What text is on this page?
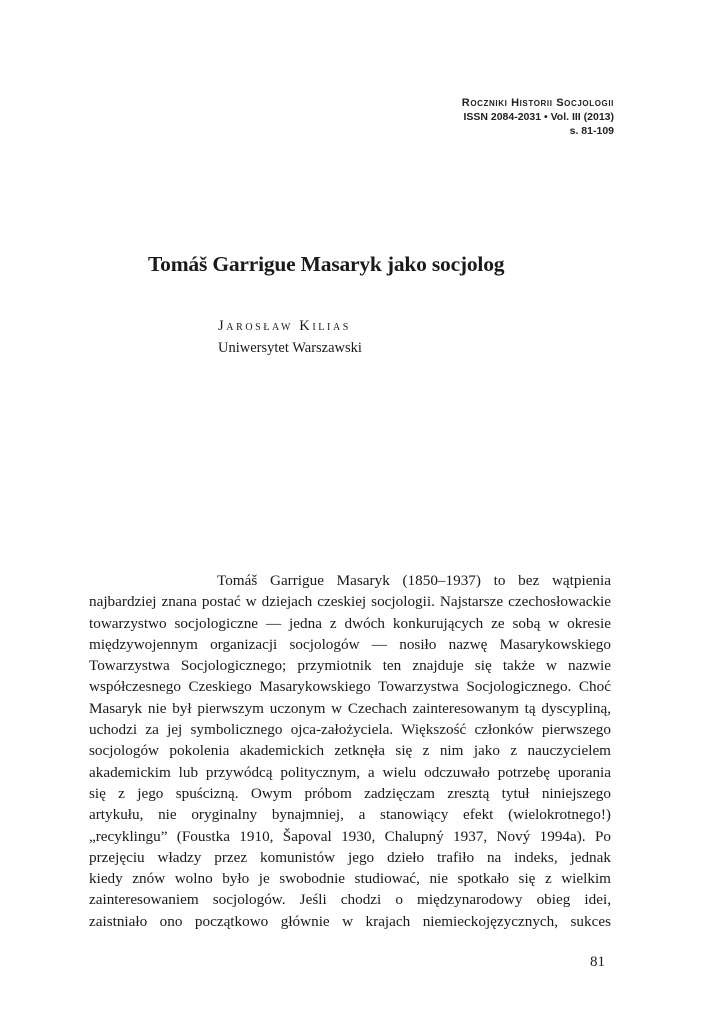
Roczniki Historii Socjologii
ISSN 2084-2031 • Vol. III (2013)
s. 81-109
Tomáš Garrigue Masaryk jako socjolog
Jarosław Kilias
Uniwersytet Warszawski
Tomáš Garrigue Masaryk (1850–1937) to bez wątpienia
najbardziej znana postać w dziejach czeskiej socjologii. Najstarsze czechosłowackie
towarzystwo socjologiczne — jedna z dwóch konkurujących ze sobą w okresie
międzywojennym organizacji socjologów — nosiło nazwę Masarykowskiego
Towarzystwa Socjologicznego; przymiotnik ten znajduje się także w nazwie
współczesnego Czeskiego Masarykowskiego Towarzystwa Socjologicznego. Choć
Masaryk nie był pierwszym uczonym w Czechach zainteresowanym tą dyscypliną,
uchodzi za jej symbolicznego ojca-założyciela. Większość członków pierwszego
socjologów pokolenia akademickich zetknęła się z nim jako z nauczycielem
akademickim lub przywódcą politycznym, a wielu odczuwało potrzebę uporania
się z jego spuścizną. Owym próbom zadzięczam zresztą tytuł niniejszego
artykułu, nie oryginalny bynajmniej, a stanowiący efekt (wielokrotnego!)
„recyklingu” (Foustka 1910, Šapoval 1930, Chalupný 1937, Nový 1994a). Po
przejęciu władzy przez komunistów jego dzieło trafiło na indeks, jednak
kiedy znów wolno było je swobodnie studiować, nie spotkało się z wielkim
zainteresowaniem socjologów. Jeśli chodzi o międzynarodowy obieg idei,
zaistniało ono początkowo głównie w krajach niemieckojęzycznych, sukces
81
